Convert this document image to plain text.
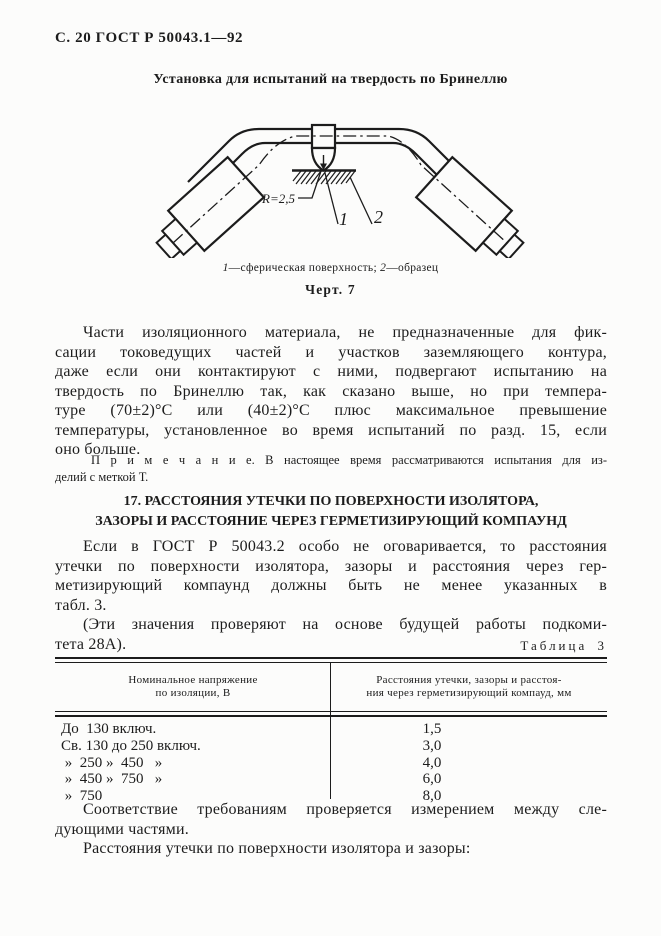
С. 20 ГОСТ Р 50043.1—92
Установка для испытаний на твердость по Бринеллю
R=2,5
1 2
1—сферическая поверхность; 2—образец
Черт. 7
Части изоляционного материала, не предназначенные для фик-
сации токоведущих частей и участков заземляющего контура,
даже если они контактируют с ними, подвергают испытанию на
твердость по Бринеллю так, как сказано выше, но при темпера-
туре (70±2)°С или (40±2)°С плюс максимальное превышение
температуры, установленное во время испытаний по разд. 15, если
оно больше.
П р и м е ч а н и е. В настоящее время рассматриваются испытания для из-
делий с меткой Т.
17. РАССТОЯНИЯ УТЕЧКИ ПО ПОВЕРХНОСТИ ИЗОЛЯТОРА,
ЗАЗОРЫ И РАССТОЯНИЕ ЧЕРЕЗ ГЕРМЕТИЗИРУЮЩИЙ КОМПАУНД
Если в ГОСТ Р 50043.2 особо не оговаривается, то расстояния
утечки по поверхности изолятора, зазоры и расстояния через гер-
метизирующий компаунд должны быть не менее указанных в
табл. 3.
(Эти значения проверяют на основе будущей работы подкоми-
тета 28А).	Таблица 3
Номинальное напряжение
по изоляции, В
Расстояния утечки, зазоры и расстоя-
ния через герметизирующий компауд, мм
До  130 включ.	1,5
Св. 130 до 250 включ.	3,0
»  250 »  450   »	4,0
»  450 »  750   »	6,0
»  750	8,0
Соответствие требованиям проверяется измерением между сле-
дующими частями.
Расстояния утечки по поверхности изолятора и зазоры:
